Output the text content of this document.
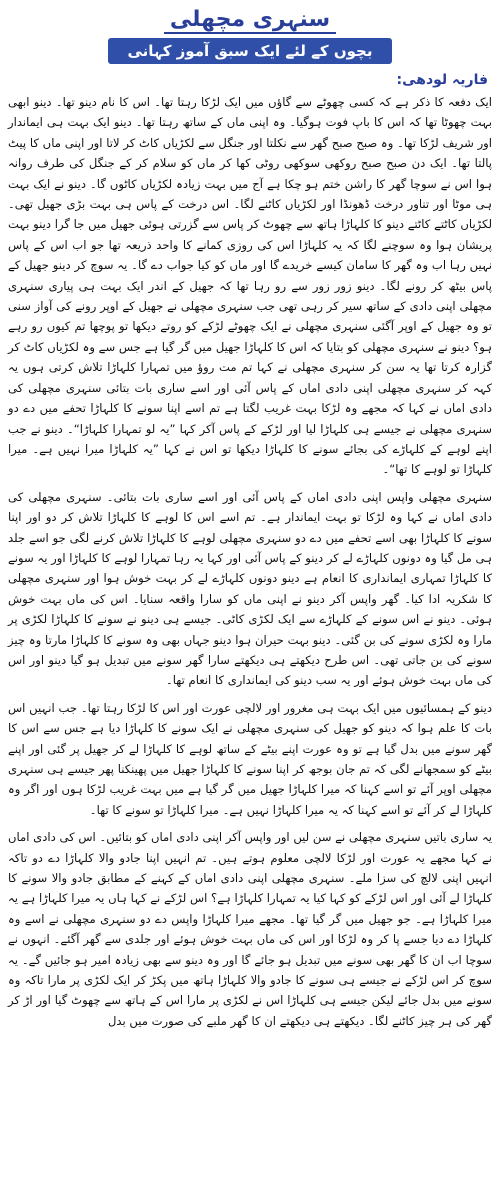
سنہری مچھلی
بچوں کے لئے ایک سبق آموز کہانی
فاریہ لودھی:

ایک دفعہ کا ذکر ہے کہ کسی چھوٹے سے گاؤں میں ایک لڑکا رہتا تھا۔ اس کا نام دینو تھا۔ دینو ابھی بہت چھوٹا تھا کہ اس کا باپ فوت ہوگیا۔ وہ اپنی ماں کے ساتھ رہتا تھا۔ دینو ایک بہت ہی ایماندار اور شریف لڑکا تھا۔ وہ صبح صبح گھر سے نکلتا اور جنگل سے لکڑیاں کاٹ کر لاتا اور اپنی ماں کا پیٹ پالتا تھا۔ ایک دن صبح صبح روکھی سوکھی روٹی کھا کر ماں کو سلام کر کے جنگل کی طرف روانہ ہوا اس نے سوچا گھر کا راشن ختم ہو چکا ہے آج میں بہت زیادہ لکڑیاں کاٹوں گا۔ دینو نے ایک بہت ہی موٹا اور تناور درخت ڈھونڈا اور لکڑیاں کاٹنے لگا۔ اس درخت کے پاس ہی بہت بڑی جھیل تھی۔ لکڑیاں کاٹتے کاٹتے دینو کا کلہاڑا ہاتھ سے چھوٹ کر پاس سے گزرتی ہوئی جھیل میں جا گرا دینو بہت پریشان ہوا وہ سوچنے لگا کہ یہ کلہاڑا اس کی روزی کمانے کا واحد ذریعہ تھا جو اب اس کے پاس نہیں رہا اب وہ گھر کا سامان کیسے خریدے گا اور ماں کو کیا جواب دے گا۔ یہ سوچ کر دینو جھیل کے پاس بیٹھ کر رونے لگا۔ دینو زور زور سے رو رہا تھا کہ جھیل کے اندر ایک بہت ہی پیاری سنہری مچھلی اپنی دادی کے ساتھ سیر کر رہی تھی جب سنہری مچھلی نے جھیل کے اوپر رونے کی آواز سنی تو وہ جھیل کے اوپر آگئی سنہری مچھلی نے ایک چھوٹے لڑکے کو روتے دیکھا تو پوچھا تم کیوں رو رہے ہو؟ دینو نے سنہری مچھلی کو بتایا کہ اس کا کلہاڑا جھیل میں گر گیا ہے جس سے وہ لکڑیاں کاٹ کر گزارہ کرتا تھا یہ سن کر سنہری مچھلی نے کہا تم مت روؤ میں تمہارا کلہاڑا تلاش کرتی ہوں یہ کہہ کر سنہری مچھلی اپنی دادی اماں کے پاس آئی اور اسے ساری بات بتائی سنہری مچھلی کی دادی اماں نے کہا کہ مجھے وہ لڑکا بہت غریب لگتا ہے تم اسے اپنا سونے کا کلہاڑا تحفے میں دے دو سنہری مچھلی نے جیسے ہی کلہاڑا لیا اور لڑکے کے پاس آکر کہا ”یہ لو تمہارا کلہاڑا“۔ دینو نے جب اپنے لوہے کے کلہاڑے کی بجائے سونے کا کلہاڑا دیکھا تو اس نے کہا ”یہ کلہاڑا میرا نہیں ہے۔ میرا کلہاڑا تو لوہے کا تھا“۔

سنہری مچھلی واپس اپنی دادی اماں کے پاس آئی اور اسے ساری بات بتائی۔ سنہری مچھلی کی دادی اماں نے کہا وہ لڑکا تو بہت ایماندار ہے۔ تم اسے اس کا لوہے کا کلہاڑا تلاش کر دو اور اپنا سونے کا کلہاڑا بھی اسے تحفے میں دے دو سنہری مچھلی لوہے کا کلہاڑا تلاش کرنے لگی جو اسے جلد ہی مل گیا وہ دونوں کلہاڑے لے کر دینو کے پاس آئی اور کہا یہ رہا تمہارا لوہے کا کلہاڑا اور یہ سونے کا کلہاڑا تمہاری ایمانداری کا انعام ہے دینو دونوں کلہاڑے لے کر بہت خوش ہوا اور سنہری مچھلی کا شکریہ ادا کیا۔ گھر واپس آکر دینو نے اپنی ماں کو سارا واقعہ سنایا۔ اس کی ماں بہت خوش ہوئی۔ دینو نے اس سونے کے کلہاڑے سے ایک لکڑی کاٹی۔ جیسے ہی دینو نے سونے کا کلہاڑا لکڑی پر مارا وہ لکڑی سونے کی بن گئی۔ دینو بہت حیران ہوا دینو جہاں بھی وہ سونے کا کلہاڑا مارتا وہ چیز سونے کی بن جاتی تھی۔ اس طرح دیکھتے ہی دیکھتے سارا گھر سونے میں تبدیل ہو گیا دینو اور اس کی ماں بہت خوش ہوئے اور یہ سب دینو کی ایمانداری کا انعام تھا۔

دینو کے ہمسائیوں میں ایک بہت ہی مغرور اور لالچی عورت اور اس کا لڑکا رہتا تھا۔ جب انہیں اس بات کا علم ہوا کہ دینو کو جھیل کی سنہری مچھلی نے ایک سونے کا کلہاڑا دیا ہے جس سے اس کا گھر سونے میں بدل گیا ہے تو وہ عورت اپنے بیٹے کے ساتھ لوہے کا کلہاڑا لے کر جھیل پر گئی اور اپنے بیٹے کو سمجھانے لگی کہ تم جان بوجھ کر اپنا سونے کا کلہاڑا جھیل میں پھینکنا پھر جیسے ہی سنہری مچھلی اوپر آئے تو اسے کہنا کہ میرا کلہاڑا جھیل میں گر گیا ہے میں بہت غریب لڑکا ہوں اور اگر وہ کلہاڑا لے کر آئے تو اسے کہنا کہ یہ میرا کلہاڑا نہیں ہے۔ میرا کلہاڑا تو سونے کا تھا۔

یہ ساری باتیں سنہری مچھلی نے سن لیں اور واپس آکر اپنی دادی اماں کو بتائیں۔ اس کی دادی اماں نے کہا مجھے یہ عورت اور لڑکا لالچی معلوم ہوتے ہیں۔ تم انہیں اپنا جادو والا کلہاڑا دے دو تاکہ انہیں اپنی لالچ کی سزا ملے۔ سنہری مچھلی اپنی دادی اماں کے کہنے کے مطابق جادو والا سونے کا کلہاڑا لے آئی اور اس لڑکے کو کہا کیا یہ تمہارا کلہاڑا ہے؟ اس لڑکے نے کہا ہاں یہ میرا کلہاڑا ہے یہ میرا کلہاڑا ہے۔ جو جھیل میں گر گیا تھا۔ مجھے میرا کلہاڑا واپس دے دو سنہری مچھلی نے اسے وہ کلہاڑا دے دیا جسے پا کر وہ لڑکا اور اس کی ماں بہت خوش ہوئے اور جلدی سے گھر آگئے۔ انہوں نے سوچا اب ان کا گھر بھی سونے میں تبدیل ہو جائے گا اور وہ دینو سے بھی زیادہ امیر ہو جائیں گے۔ یہ سوچ کر اس لڑکے نے جیسے ہی سونے کا جادو والا کلہاڑا ہاتھ میں پکڑ کر ایک لکڑی پر مارا تاکہ وہ سونے میں بدل جائے لیکن جیسے ہی کلہاڑا اس نے لکڑی پر مارا اس کے ہاتھ سے چھوٹ گیا اور اڑ کر گھر کی ہر چیز کاٹنے لگا۔ دیکھتے ہی دیکھتے ان کا گھر ملبے کی صورت میں بدل
